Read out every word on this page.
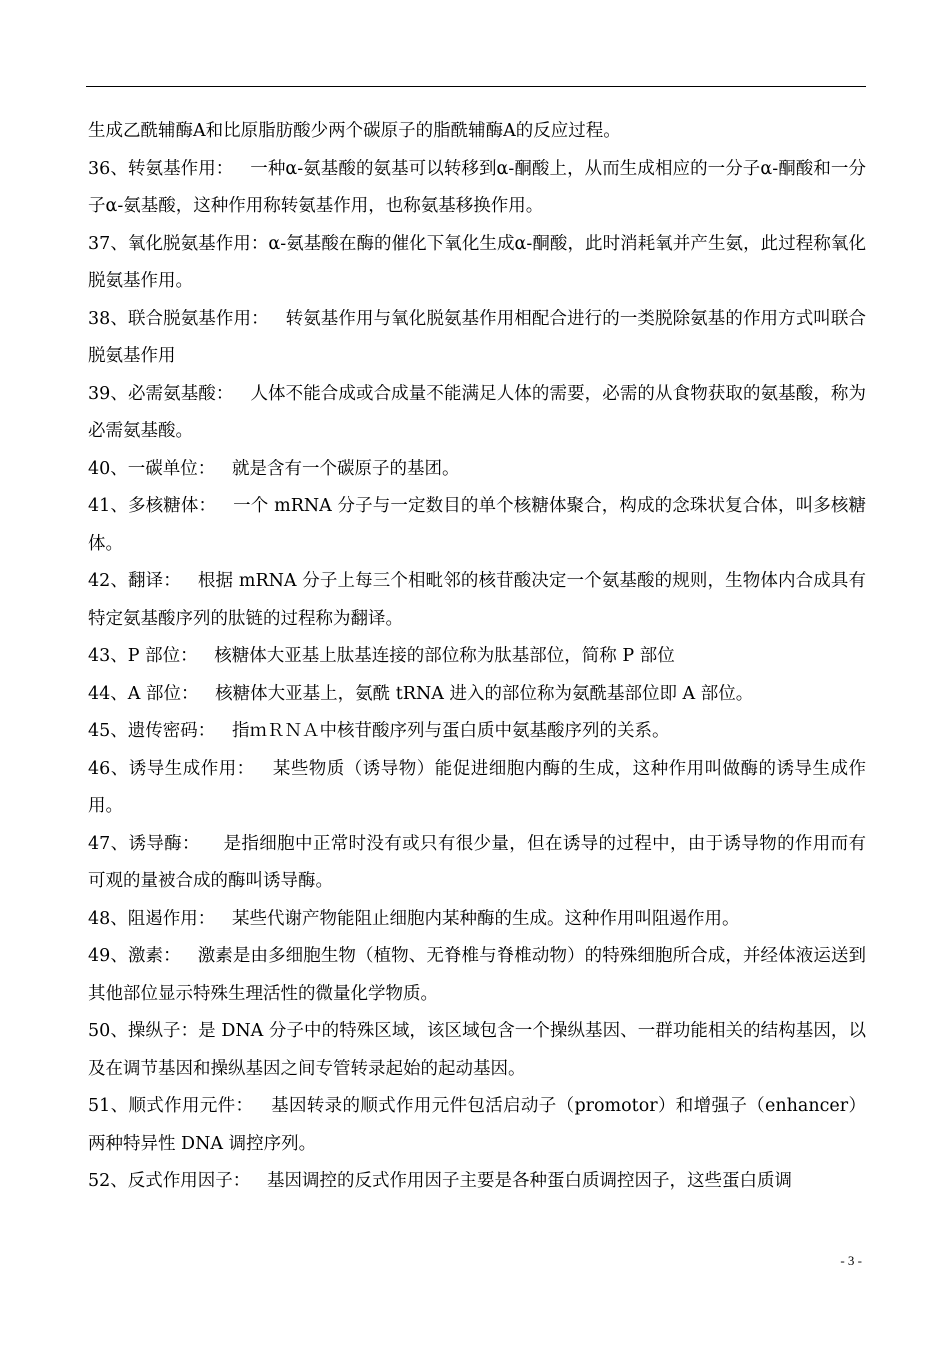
生成乙酰辅酶A和比原脂肪酸少两个碳原子的脂酰辅酶A的反应过程。

36、转氨基作用：   一种α-氨基酸的氨基可以转移到α-酮酸上，从而生成相应的一分子α-酮酸和一分子α-氨基酸，这种作用称转氨基作用，也称氨基移换作用。

37、氧化脱氨基作用：α-氨基酸在酶的催化下氧化生成α-酮酸，此时消耗氧并产生氨，此过程称氧化脱氨基作用。

38、联合脱氨基作用：   转氨基作用与氧化脱氨基作用相配合进行的一类脱除氨基的作用方式叫联合脱氨基作用

39、必需氨基酸：   人体不能合成或合成量不能满足人体的需要，必需的从食物获取的氨基酸，称为必需氨基酸。

40、一碳单位：   就是含有一个碳原子的基团。

41、多核糖体：   一个 mRNA 分子与一定数目的单个核糖体聚合，构成的念珠状复合体，叫多核糖体。

42、翻译：   根据 mRNA 分子上每三个相毗邻的核苷酸决定一个氨基酸的规则，生物体内合成具有特定氨基酸序列的肽链的过程称为翻译。

43、P 部位：   核糖体大亚基上肽基连接的部位称为肽基部位，简称 P 部位

44、A 部位：   核糖体大亚基上，氨酰 tRNA 进入的部位称为氨酰基部位即 A 部位。

45、遗传密码：   指ｍＲＮＡ中核苷酸序列与蛋白质中氨基酸序列的关系。

46、诱导生成作用：   某些物质（诱导物）能促进细胞内酶的生成，这种作用叫做酶的诱导生成作用。

47、诱导酶：    是指细胞中正常时没有或只有很少量，但在诱导的过程中，由于诱导物的作用而有可观的量被合成的酶叫诱导酶。

48、阻遏作用：   某些代谢产物能阻止细胞内某种酶的生成。这种作用叫阻遏作用。

49、激素：   激素是由多细胞生物（植物、无脊椎与脊椎动物）的特殊细胞所合成，并经体液运送到其他部位显示特殊生理活性的微量化学物质。

50、操纵子：是 DNA 分子中的特殊区域，该区域包含一个操纵基因、一群功能相关的结构基因，以及在调节基因和操纵基因之间专管转录起始的起动基因。

51、顺式作用元件：   基因转录的顺式作用元件包活启动子（promotor）和增强子（enhancer）两种特异性 DNA 调控序列。

52、反式作用因子：   基因调控的反式作用因子主要是各种蛋白质调控因子，这些蛋白质调

- 3 -
